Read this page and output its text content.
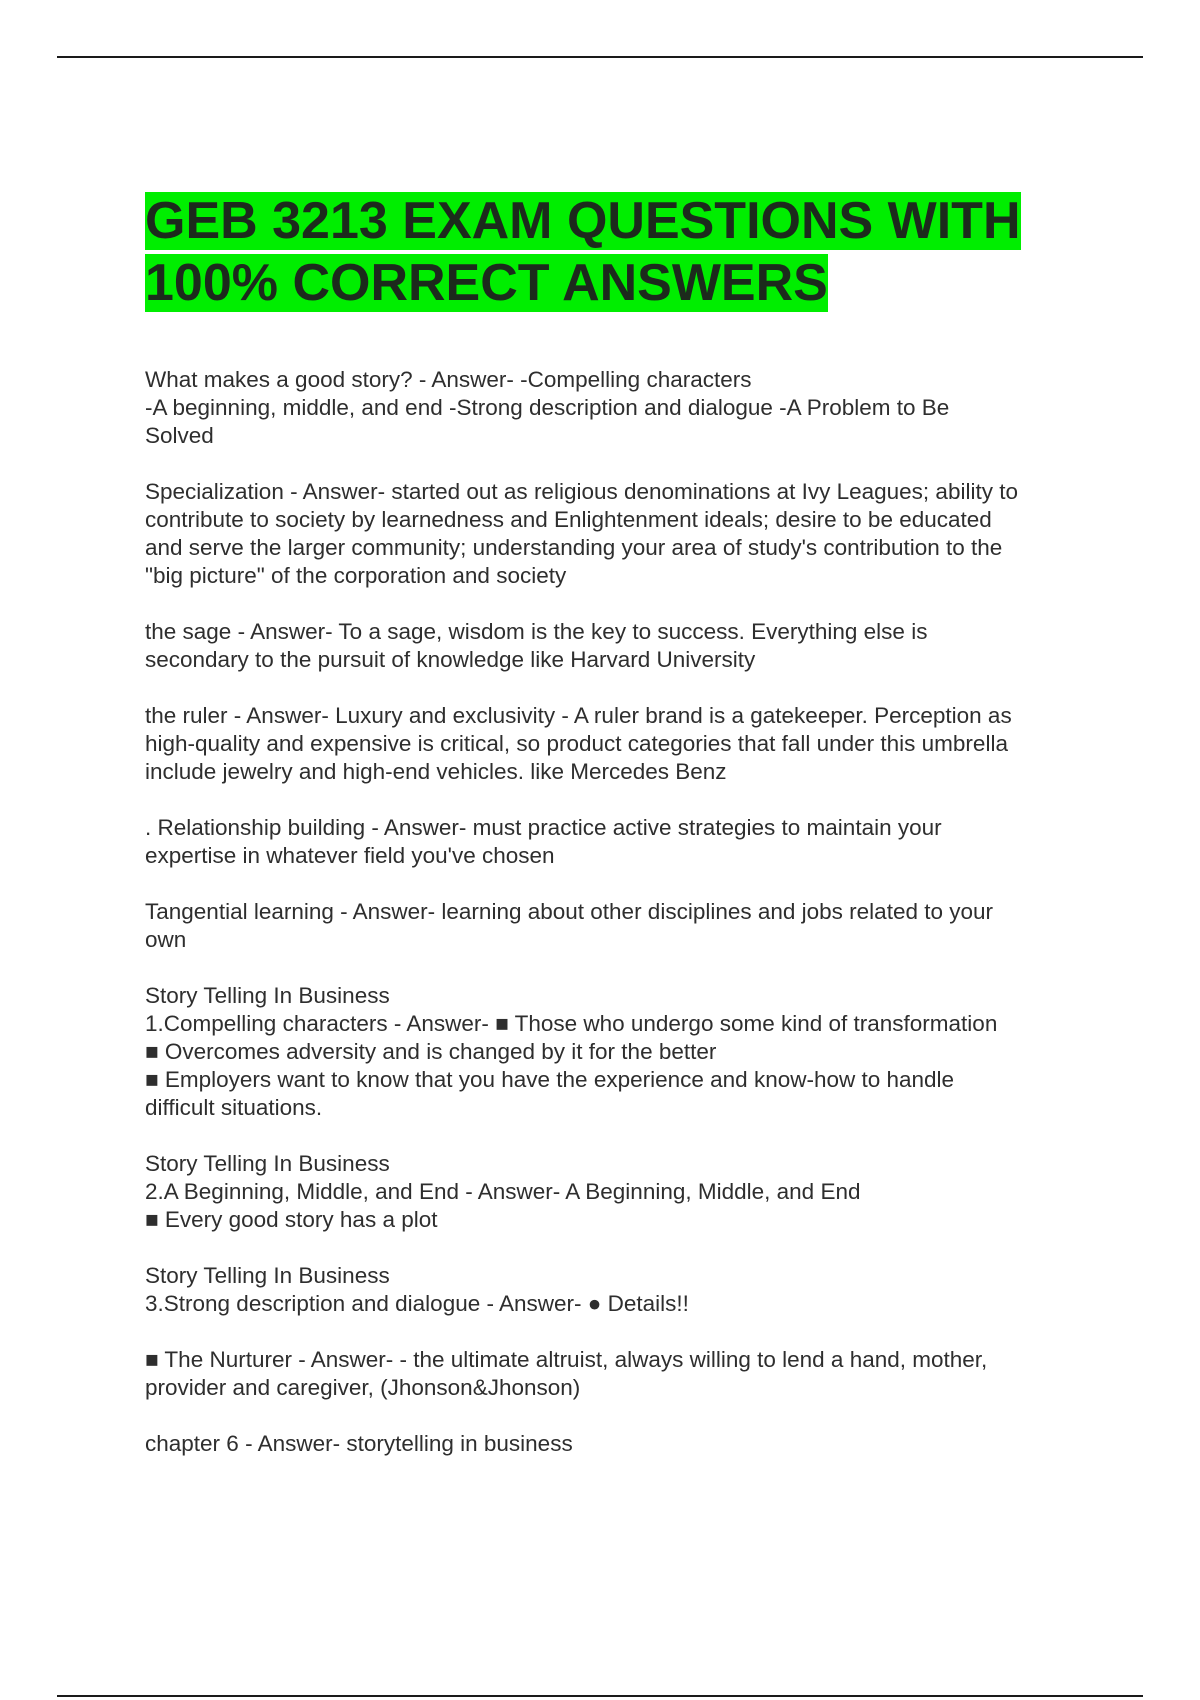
GEB 3213 EXAM QUESTIONS WITH
100% CORRECT ANSWERS

What makes a good story? - Answer- -Compelling characters

-A beginning, middle, and end -Strong description and dialogue -A Problem to Be

Solved

Specialization - Answer- started out as religious denominations at Ivy Leagues; ability to

contribute to society by learnedness and Enlightenment ideals; desire to be educated

and serve the larger community; understanding your area of study's contribution to the

"big picture" of the corporation and society

the sage - Answer- To a sage, wisdom is the key to success. Everything else is

secondary to the pursuit of knowledge like Harvard University

the ruler - Answer- Luxury and exclusivity - A ruler brand is a gatekeeper. Perception as

high-quality and expensive is critical, so product categories that fall under this umbrella

include jewelry and high-end vehicles. like Mercedes Benz

. Relationship building - Answer- must practice active strategies to maintain your

expertise in whatever field you've chosen

Tangential learning - Answer- learning about other disciplines and jobs related to your

own

Story Telling In Business

1.Compelling characters - Answer- ■ Those who undergo some kind of transformation

■ Overcomes adversity and is changed by it for the better

■ Employers want to know that you have the experience and know-how to handle

difficult situations.

Story Telling In Business

2.A Beginning, Middle, and End - Answer- A Beginning, Middle, and End

■ Every good story has a plot

Story Telling In Business

3.Strong description and dialogue - Answer- ● Details!!

■ The Nurturer - Answer- - the ultimate altruist, always willing to lend a hand, mother,

provider and caregiver, (Jhonson&Jhonson)

chapter 6 - Answer- storytelling in business
